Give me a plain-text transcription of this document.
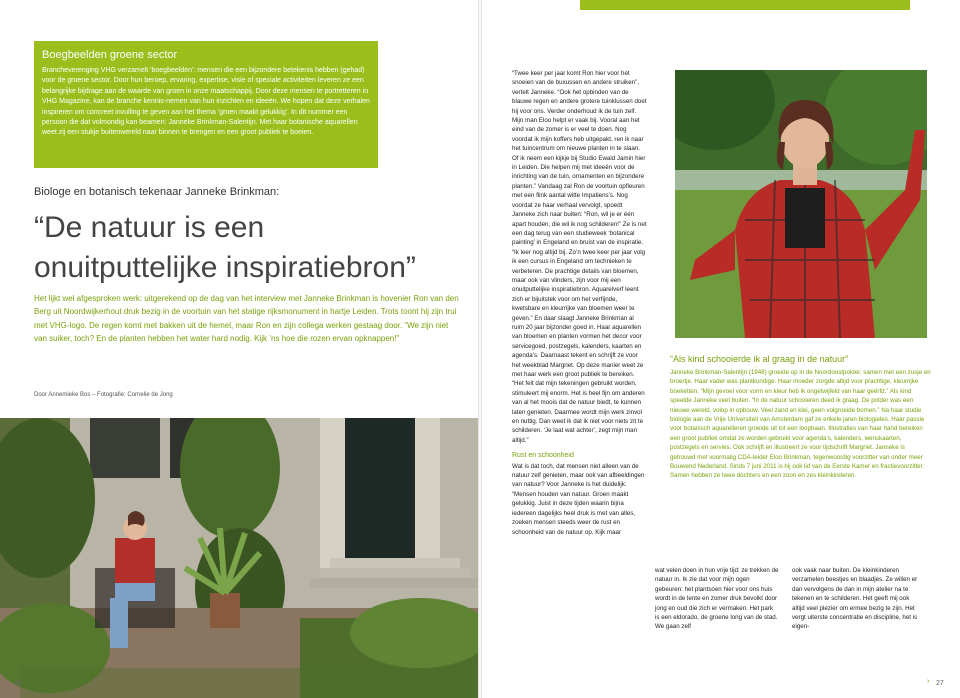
Boegbeelden groene sector

Brancheverenging VHG verzamelt 'boegbeelden': mensen die een bijzondere betekenis hebben (gehad) voor de groene sector. Door hun beroep, ervaring, expertise, visie of speciale activiteiten leveren ze een belangrijke bijdrage aan de waarde van groen in onze maatschappij. Door deze mensen te portretteren in VHG Magazine, kan de branche kennis-nemen van hun inzichten en ideeën. We hopen dat deze verhalen inspireren om concreet invulling te geven aan het thema 'groen maakt gelukkig'. In dit nummer een persoon die dat volmondig kan beamen: Janneke Brinkman-Salentijn. Met haar botanische aquarellen weet zij een stukje buitenwereld naar binnen te brengen en een groot publiek te boeien.

Biologe en botanisch tekenaar Janneke Brinkman:
“De natuur is een onuitputtelijke inspiratiebron”
Het lijkt wel afgesproken werk: uitgerekend op de dag van het interview met Janneke Brinkman is hovenier Ron van den Berg uit Noordwijkerhout druk bezig in de voortuin van het statige rijksmonument in hartje Leiden. Trots toont hij zijn trui met VHG-logo. De regen komt met bakken uit de hemel, maar Ron en zijn collega werken gestaag door. “We zijn niet van suiker, toch? En de planten hebben het water hard nodig. Kijk ’ns hoe die rozen ervan opknappen!”
Door Annemieke Bos – Fotografie: Cornelie de Jong
26

“Twee keer per jaar komt Ron hier voor het snoeien van de buxussen en andere struiken”, vertelt Janneke. “Ook het opbinden van de blauwe regen en andere grotere tuinklussen doet hij voor ons. Verder onderhoud ik de tuin zelf. Mijn man Eloo helpt er vaak bij. Vooral aan het eind van de zomer is er veel te doen. Nog voordat ik mijn koffers heb uitgepakt, ren ik naar het tuincentrum om nieuwe planten in te slaan. Of ik neem een kijkje bij Studio Ewald Jamin hier in Leiden. Die helpen mij met ideeën voor de inrichting van de tuin, ornamenten en bijzondere planten.” Vandaag zal Ron de voortuin opfleuren met een flink aantal witte Impatiens’s. Nog voordat ze haar verhaal vervolgt, spoedt Janneke zich naar buiten: “Ron, wil je er één apart houden, die wil ik nog schilderen!” Ze is net een dag terug van een studieweek ‘botanical painting’ in Engeland en bruist van de inspiratie. “Ik leer nog altijd bij. Zo’n twee keer per jaar volg ik een cursus in Engeland om technieken te verbeteren. De prachtige details van bloemen, maar ook van vlinders, zijn voor mij een onuitputtelijke inspiratiebron. Aquarelverf leent zich er bijuitstek voor om het verfijnde, kwetsbare en kleurrijke van bloemen weer te geven.” En daar slaagt Janneke Brinkman al ruim 20 jaar bijzonder goed in. Haar aquarellen van bloemen en planten vormen het decor voor servicegoed, postzegels, kalenders, kaarten en agenda’s. Daarnaast tekent en schrijft ze voor het weekblad Margriet. Op deze manier weet ze met haar werk een groot publiek te bereiken. “Het feit dat mijn tekeningen gebruikt worden, stimuleert mij enorm. Het is heel fijn om anderen van al het moois dat de natuur biedt, te kunnen laten genieten. Daarmee wordt mijn werk zinvol en nuttig. Dan weet ik dat ik niet voor niets zit te schilderen. ‘Je laat wat achter’, zegt mijn man altijd.”

Rust en schoonheid

Wat is dat toch, dat mensen niet alleen van de natuur zelf genieten, maar ook van afbeeldingen van natuur? Voor Janneke is het duidelijk: “Mensen houden van natuur. Groen maakt gelukkig. Juist in deze tijden waarin bijna iedereen dagelijks heel druk is met van alles, zoeken mensen steeds weer de rust en schoonheid van de natuur op. Kijk maar

“Als kind schooierde ik al graag in de natuur”
Janneke Brinkman-Salentijn (1948) groeide op in de Noordoostpolder, samen met een zusje en broertje. Haar vader was plantkundige. Haar moeder zorgde altijd voor prachtige, kleurrijke boeketten. “Mijn gevoel voor vorm en kleur heb ik ongetwijfeld van haar geërfd.” Als kind speelde Janneke veel buiten. “In de natuur schooieren deed ik graag. De polder was een nieuwe wereld, volop in opbouw. Veel zand en klei, geen volgroeide bomen.” Na haar studie biologie aan de Vrije Universiteit van Amsterdam gaf ze enkele jaren biologieles. Haar passie voor botanisch aquarelleren groeide uit tot een loopbaan. Illustraties van haar hand bereiken een groot publiek omdat ze worden gebruikt voor agenda’s, kalenders, wenskaarten, postzegels en servies. Ook schrijft en illustreert ze voor tijdschrift Margriet. Janneke is getrouwd met voormalig CDA-leider Eloo Brinkman, tegenwoordig voorzitter van onder meer Bouwend Nederland. Sinds 7 juni 2011 is hij ook lid van de Eerste Kamer en fractievoorzitter. Samen hebben ze twee dochters en een zoon en zes kleinkinderen.
wat velen doen in hun vrije tijd: ze trekken de natuur in. Ik zie dat voor mijn ogen gebeuren: het plantsoen hier voor ons huis wordt in de lente en zomer druk bevolkt door jong en oud die zich er vermaken. Het park is een eldorado, de groene long van de stad. We gaan zelf
ook vaak naar buiten. De kleinkinderen verzamelen beestjes en blaadjes. Ze willen er dan vervolgens de dan in mijn atelier na te tekenen en te schilderen. Het geeft mij ook altijd veel plezier om ermee bezig te zijn. Het vergt uiterste concentratie en discipline, het is eigen-
› 27
